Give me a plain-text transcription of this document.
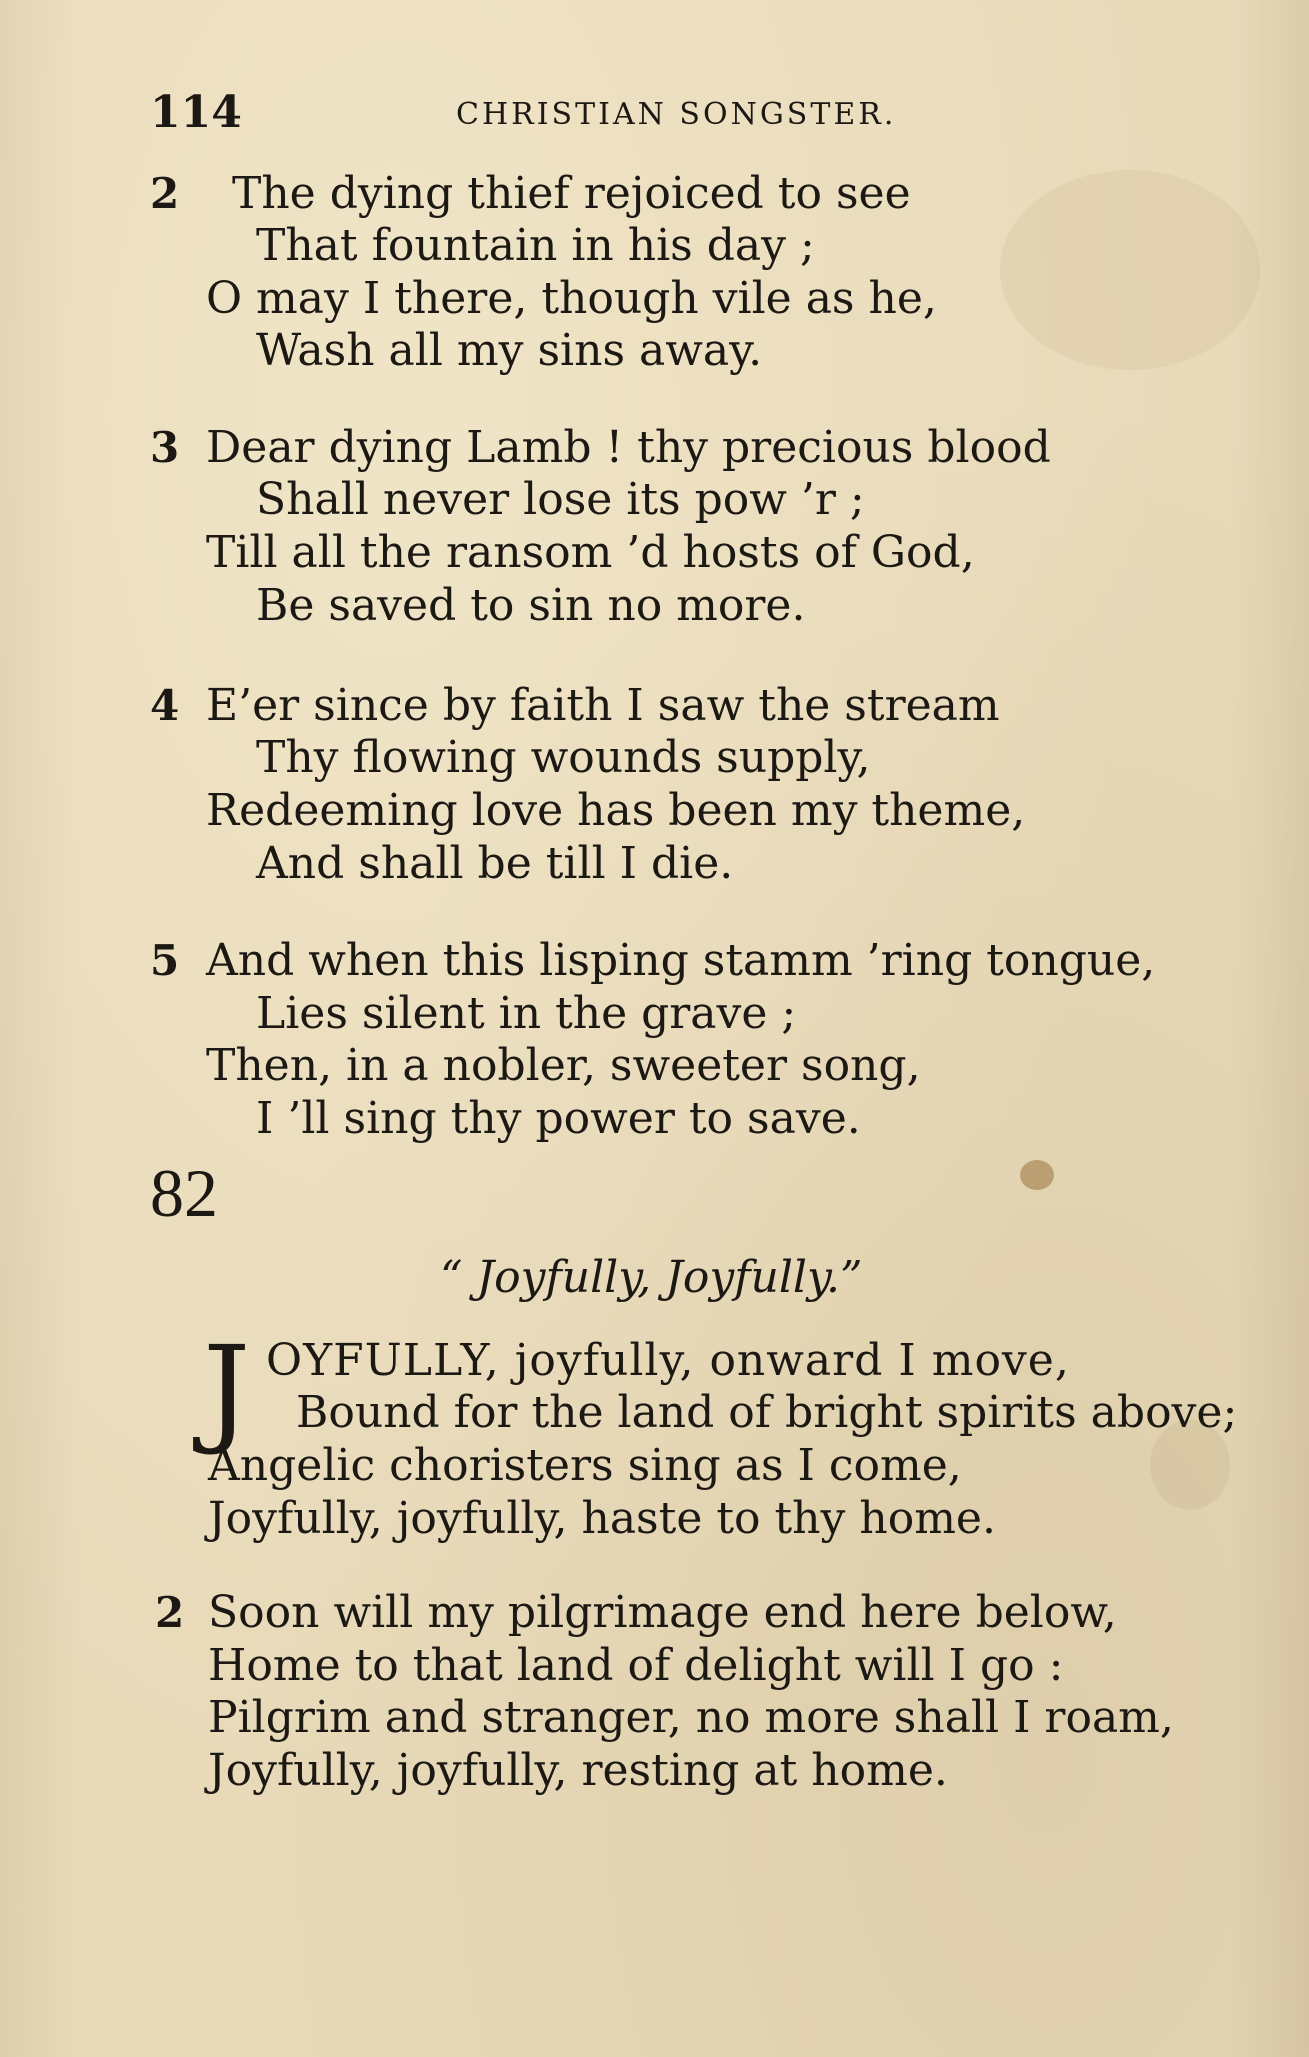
114	CHRISTIAN SONGSTER.
2 The dying thief rejoiced to see
That fountain in his day ;
O may I there, though vile as he,
Wash all my sins away.
3 Dear dying Lamb ! thy precious blood
Shall never lose its pow ’r ;
Till all the ransom ’d hosts of God,
Be saved to sin no more.
4 E’er since by faith I saw the stream
Thy flowing wounds supply,
Redeeming love has been my theme,
And shall be till I die.
5 And when this lisping stamm ’ring tongue,
Lies silent in the grave ;
Then, in a nobler, sweeter song,
I ’ll sing thy power to save.
82
“ Joyfully, Joyfully.”
J OYFULLY, joyfully, onward I move,
Bound for the land of bright spirits above;
Angelic choristers sing as I come,
Joyfully, joyfully, haste to thy home.
2 Soon will my pilgrimage end here below,
Home to that land of delight will I go :
Pilgrim and stranger, no more shall I roam,
Joyfully, joyfully, resting at home.
